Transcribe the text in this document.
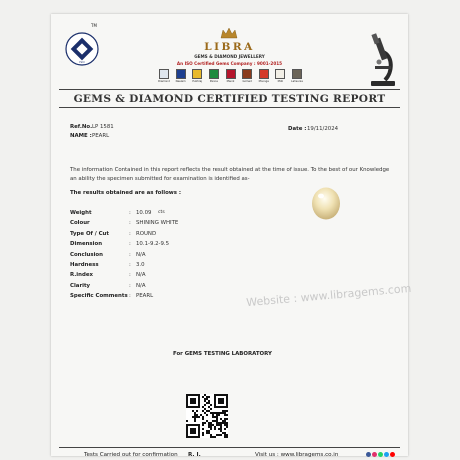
ISO
TM
LIBRA
GEMS & DIAMOND JEWELLERY
An ISO Certified Gems Company : 9001-2015
Diamond Neelam	Pukhraj	Panna	Manik	Gomed	Moonga	Moti	Lahsunia
GEMS & DIAMOND CERTIFIED TESTING REPORT
Ref.No. LP 1581
NAME : PEARL
Date : 19/11/2024
The information Contained in this report reflects the result obtained at the time of issue. To the best of our Knowledge an ability the specimen submitted for examination is identified as-
The results obtained are as follows :
Weight	: 10.09 cts
Colour	: SHINING WHITE
Type Of / Cut	: ROUND
Dimension	: 10.1-9.2-9.5
Conclusion	: N/A
Hardness	: 3.0
R.index	: N/A
Clarity	: N/A
Specific Comments : PEARL	Website : www.libragems.com
For GEMS TESTING LABORATORY
Tests Carried out for confirmation R. I.	Visit us : www.libragems.co.in
